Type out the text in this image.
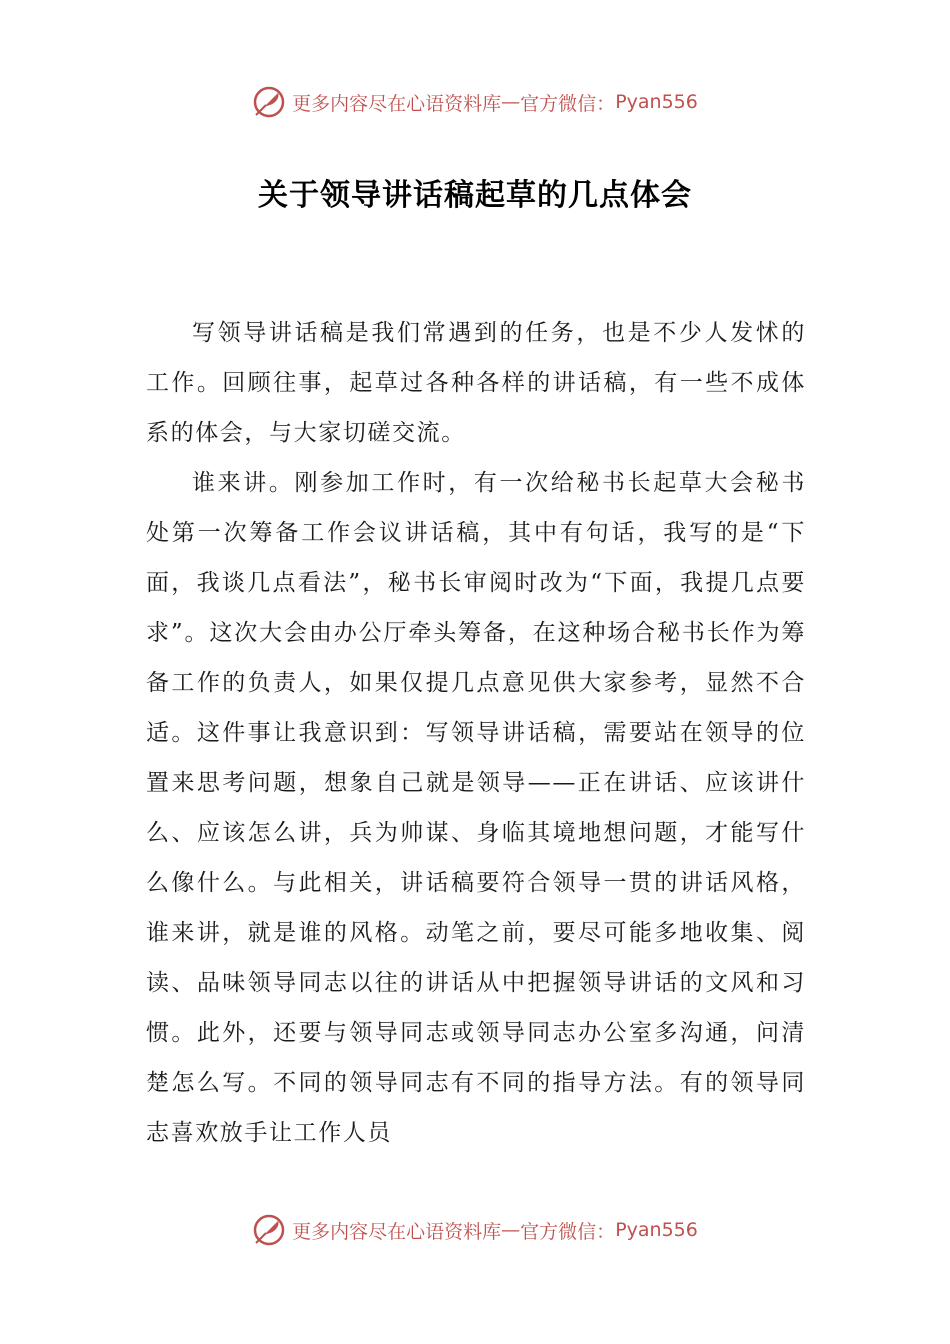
更多内容尽在心语资料库 — 官方微信： Pyan556
关于领导讲话稿起草的几点体会

写领导讲话稿是我们常遇到的任务，也是不少人发怵的工作。回顾往事，起草过各种各样的讲话稿，有一些不成体系的体会，与大家切磋交流。

谁来讲。刚参加工作时，有一次给秘书长起草大会秘书处第一次筹备工作会议讲话稿，其中有句话，我写的是“下面，我谈几点看法”，秘书长审阅时改为“下面，我提几点要求”。这次大会由办公厅牵头筹备，在这种场合秘书长作为筹备工作的负责人，如果仅提几点意见供大家参考，显然不合适。这件事让我意识到：写领导讲话稿，需要站在领导的位置来思考问题，想象自己就是领导——正在讲话、应该讲什么、应该怎么讲，兵为帅谋、身临其境地想问题，才能写什么像什么。与此相关，讲话稿要符合领导一贯的讲话风格，谁来讲，就是谁的风格。动笔之前，要尽可能多地收集、阅读、品味领导同志以往的讲话从中把握领导讲话的文风和习惯。此外，还要与领导同志或领导同志办公室多沟通，问清楚怎么写。不同的领导同志有不同的指导方法。有的领导同志喜欢放手让工作人员

更多内容尽在心语资料库 — 官方微信： Pyan556
